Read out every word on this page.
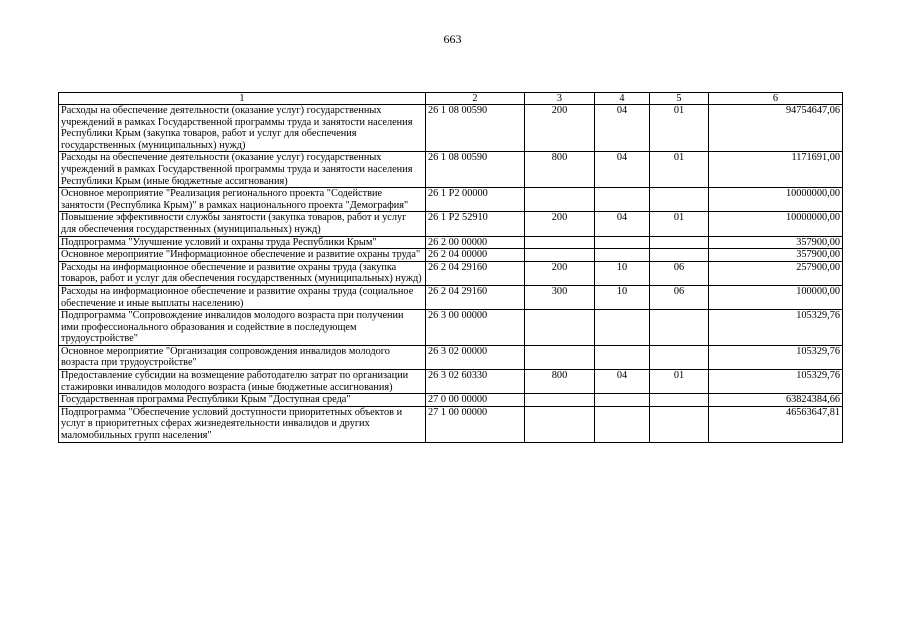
663
1	2	3	4	5	6
Расходы на обеспечение деятельности (оказание услуг) государственных учреждений в рамках Государственной программы труда и занятости населения Республики Крым (закупка товаров, работ и услуг для обеспечения государственных (муниципальных) нужд)	26 1 08 00590	200	04	01	94754647,06
Расходы на обеспечение деятельности (оказание услуг) государственных учреждений в рамках Государственной программы труда и занятости населения Республики Крым (иные бюджетные ассигнования)	26 1 08 00590	800	04	01	1171691,00
Основное мероприятие "Реализация регионального проекта "Содействие занятости (Республика Крым)" в рамках национального проекта "Демография"	26 1 P2 00000				10000000,00
Повышение эффективности службы занятости (закупка товаров, работ и услуг для обеспечения государственных (муниципальных) нужд)	26 1 P2 52910	200	04	01	10000000,00
Подпрограмма "Улучшение условий и охраны труда Республики Крым"	26 2 00 00000				357900,00
Основное мероприятие "Информационное обеспечение и развитие охраны труда"	26 2 04 00000				357900,00
Расходы на информационное обеспечение и развитие охраны труда (закупка товаров, работ и услуг для обеспечения государственных (муниципальных) нужд)	26 2 04 29160	200	10	06	257900,00
Расходы на информационное обеспечение и развитие охраны труда (социальное обеспечение и иные выплаты населению)	26 2 04 29160	300	10	06	100000,00
Подпрограмма "Сопровождение инвалидов молодого возраста при получении ими профессионального образования и содействие в последующем трудоустройстве"	26 3 00 00000				105329,76
Основное мероприятие "Организация сопровождения инвалидов молодого возраста при трудоустройстве"	26 3 02 00000				105329,76
Предоставление субсидии на возмещение работодателю затрат по организации стажировки инвалидов молодого возраста (иные бюджетные ассигнования)	26 3 02 60330	800	04	01	105329,76
Государственная программа Республики Крым "Доступная среда"	27 0 00 00000				63824384,66
Подпрограмма "Обеспечение условий доступности приоритетных объектов и услуг в приоритетных сферах жизнедеятельности инвалидов и других маломобильных групп населения"	27 1 00 00000				46563647,81
